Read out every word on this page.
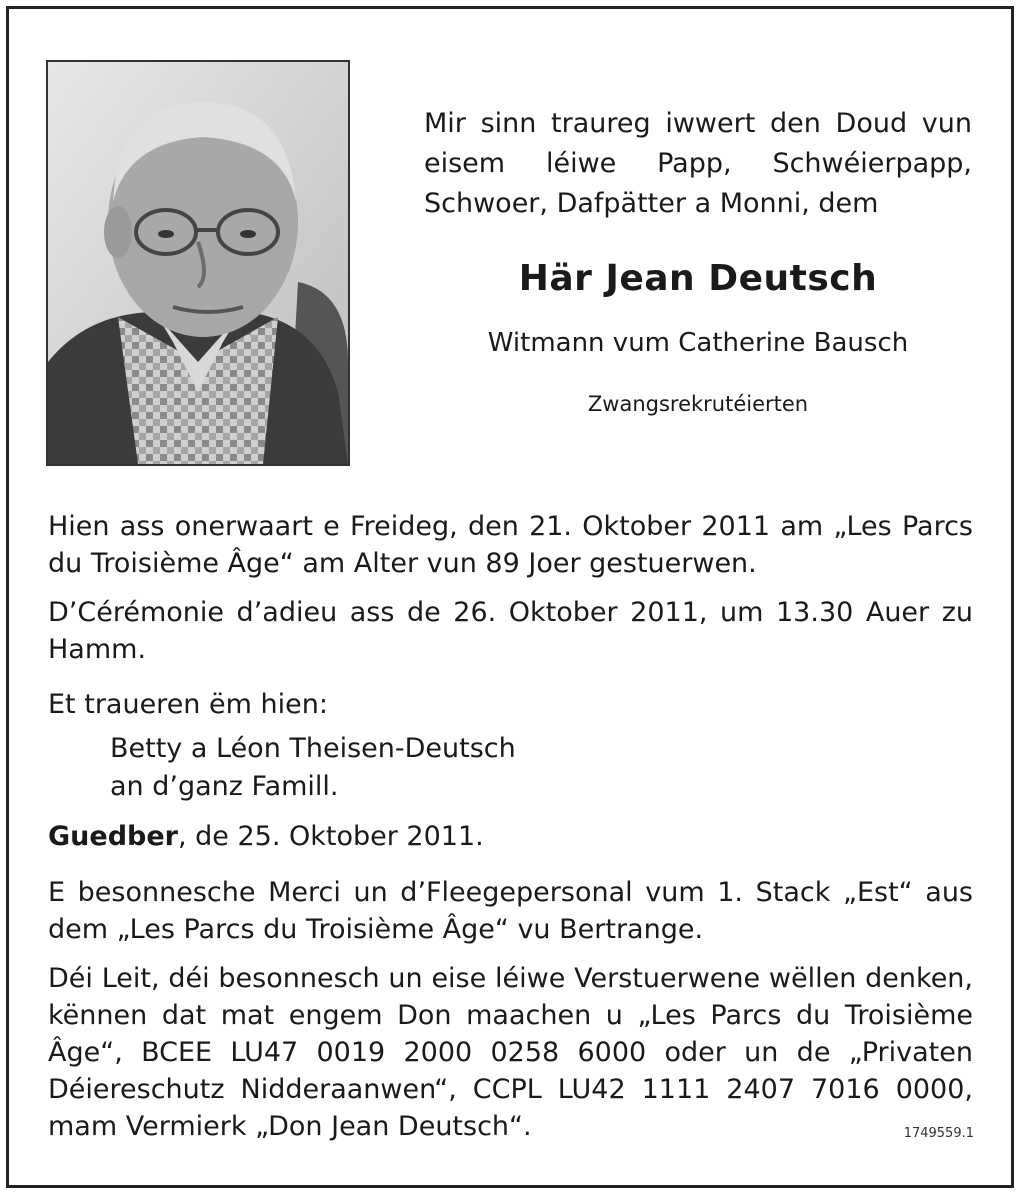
Mir sinn traureg iwwert den Doud vun eisem léiwe Papp, Schwéierpapp, Schwoer, Dafpätter a Monni, dem
Här Jean Deutsch
Witmann vum Catherine Bausch
Zwangsrekrutéierten

Hien ass onerwaart e Freideg, den 21. Oktober 2011 am „Les Parcs du Troisième Âge“ am Alter vun 89 Joer gestuerwen.

D’Cérémonie d’adieu ass de 26. Oktober 2011, um 13.30 Auer zu Hamm.

Et traueren ëm hien:

Betty a Léon Theisen-Deutsch
an d’ganz Famill.

Guedber, de 25. Oktober 2011.

E besonnesche Merci un d’Fleegepersonal vum 1. Stack „Est“ aus dem „Les Parcs du Troisième Âge“ vu Bertrange.

Déi Leit, déi besonnesch un eise léiwe Verstuerwene wëllen denken, kënnen dat mat engem Don maachen u „Les Parcs du Troisième Âge“, BCEE LU47 0019 2000 0258 6000 oder un de „Privaten Déiereschutz Nidderaanwen“, CCPL LU42 1111 2407 7016 0000, mam Vermierk „Don Jean Deutsch“.	1749559.1
